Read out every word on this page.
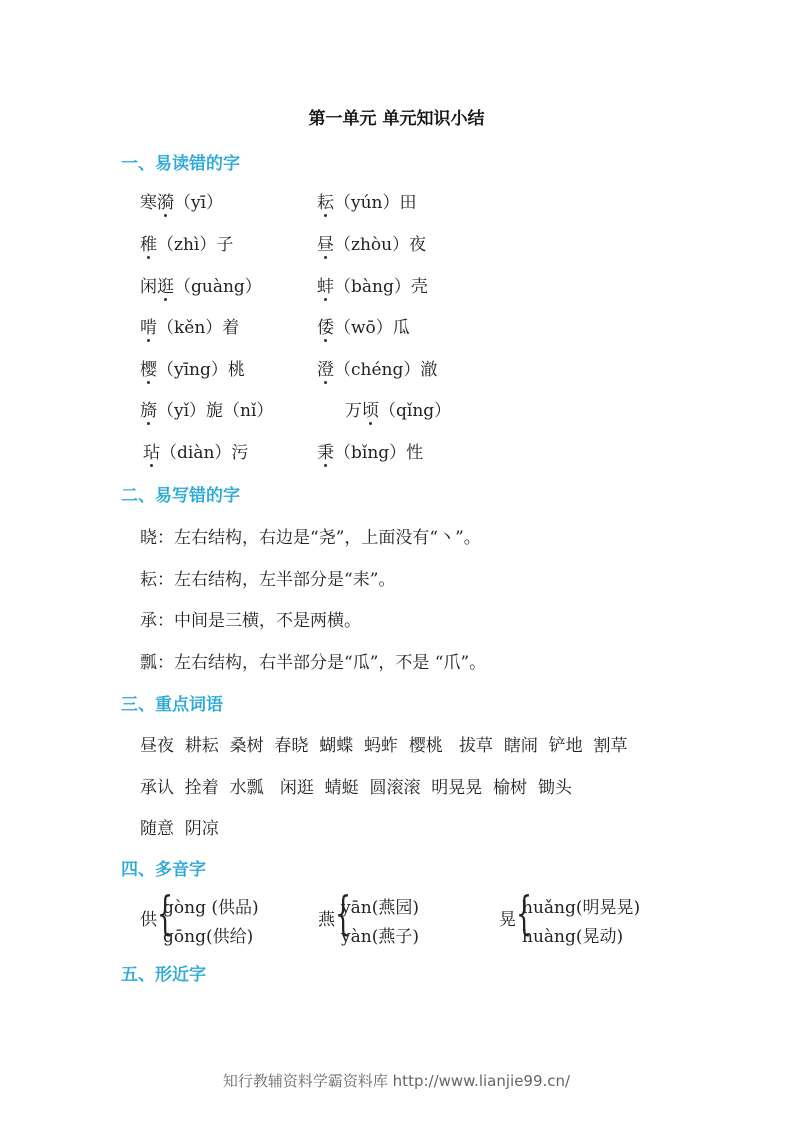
第一单元 单元知识小结
一、易读错的字
寒漪（yī）	耘（yún）田
稚（zhì）子	昼（zhòu）夜
闲逛（guàng）	蚌（bàng）壳
啃（kěn）着	倭（wō）瓜
樱（yīng）桃	澄（chéng）澈
旖（yǐ）旎（nǐ）	万顷（qǐng）
玷（diàn）污	秉（bǐng）性
二、易写错的字
晓：左右结构，右边是“尧”，上面没有“丶”。
耘：左右结构，左半部分是“耒”。
承：中间是三横，不是两横。
瓢：左右结构，右半部分是“瓜”，不是 “爪”。
三、重点词语
昼夜  耕耘  桑树  春晓  蝴蝶  蚂蚱  樱桃   拔草  瞎闹  铲地  割草
承认  拴着  水瓢   闲逛  蜻蜓  圆滚滚  明晃晃  榆树  锄头
随意  阴凉
四、多音字
供 {
gòng (供品)
gōng(供给)
燕 {
yān(燕园)
yàn(燕子)
晃 {
huǎng(明晃晃)
huàng(晃动)
五、形近字
知行教辅资料学霸资料库 http://www.lianjie99.cn/
